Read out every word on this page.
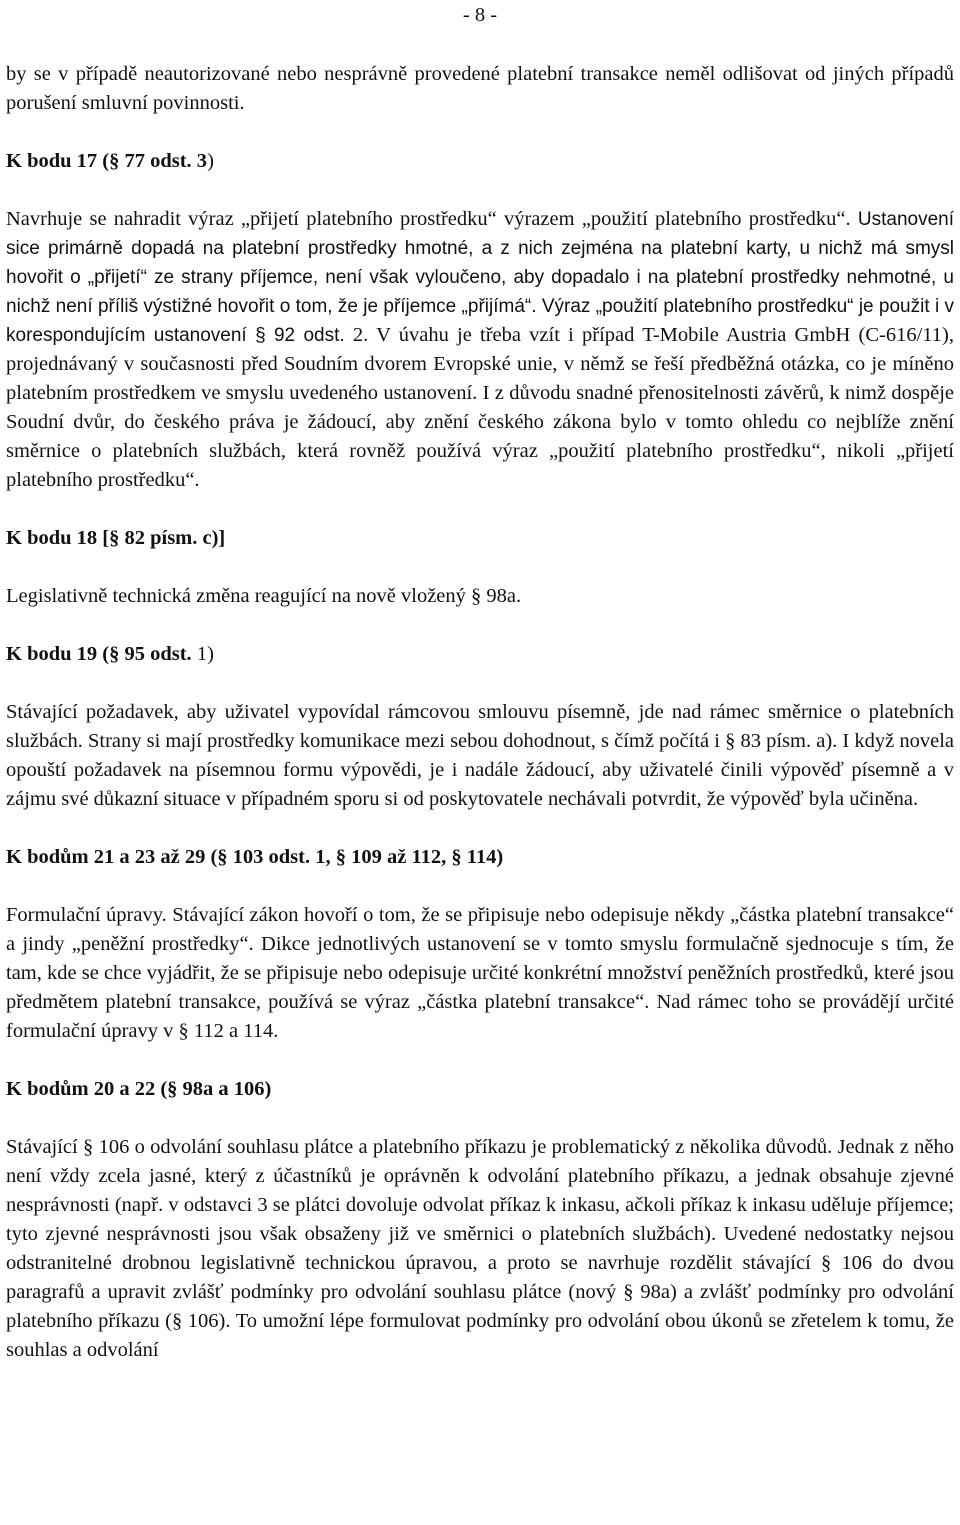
- 8 -

by se v případě neautorizované nebo nesprávně provedené platební transakce neměl odlišovat od jiných případů porušení smluvní povinnosti.

K bodu 17 (§ 77 odst. 3)

Navrhuje se nahradit výraz „přijetí platebního prostředku“ výrazem „použití platebního prostředku“. Ustanovení sice primárně dopadá na platební prostředky hmotné, a z nich zejména na platební karty, u nichž má smysl hovořit o „přijetí“ ze strany příjemce, není však vyloučeno, aby dopadalo i na platební prostředky nehmotné, u nichž není příliš výstižné hovořit o tom, že je příjemce „přijímá“. Výraz „použití platebního prostředku“ je použit i v korespondujícím ustanovení § 92 odst. 2. V úvahu je třeba vzít i případ T-Mobile Austria GmbH (C-616/11), projednávaný v současnosti před Soudním dvorem Evropské unie, v němž se řeší předběžná otázka, co je míněno platebním prostředkem ve smyslu uvedeného ustanovení. I z důvodu snadné přenositelnosti závěrů, k nimž dospěje Soudní dvůr, do českého práva je žádoucí, aby znění českého zákona bylo v tomto ohledu co nejblíže znění směrnice o platebních službách, která rovněž používá výraz „použití platebního prostředku“, nikoli „přijetí platebního prostředku“.

K bodu 18 [§ 82 písm. c)]

Legislativně technická změna reagující na nově vložený § 98a.

K bodu 19 (§ 95 odst. 1)

Stávající požadavek, aby uživatel vypovídal rámcovou smlouvu písemně, jde nad rámec směrnice o platebních službách. Strany si mají prostředky komunikace mezi sebou dohodnout, s čímž počítá i § 83 písm. a). I když novela opouští požadavek na písemnou formu výpovědi, je i nadále žádoucí, aby uživatelé činili výpověď písemně a v zájmu své důkazní situace v případném sporu si od poskytovatele nechávali potvrdit, že výpověď byla učiněna.

K bodům 21 a 23 až 29 (§ 103 odst. 1, § 109 až 112, § 114)

Formulační úpravy. Stávající zákon hovoří o tom, že se připisuje nebo odepisuje někdy „částka platební transakce“ a jindy „peněžní prostředky“. Dikce jednotlivých ustanovení se v tomto smyslu formulačně sjednocuje s tím, že tam, kde se chce vyjádřit, že se připisuje nebo odepisuje určité konkrétní množství peněžních prostředků, které jsou předmětem platební transakce, používá se výraz „částka platební transakce“. Nad rámec toho se provádějí určité formulační úpravy v § 112 a 114.

K bodům 20 a 22 (§ 98a a 106)

Stávající § 106 o odvolání souhlasu plátce a platebního příkazu je problematický z několika důvodů. Jednak z něho není vždy zcela jasné, který z účastníků je oprávněn k odvolání platebního příkazu, a jednak obsahuje zjevné nesprávnosti (např. v odstavci 3 se plátci dovoluje odvolat příkaz k inkasu, ačkoli příkaz k inkasu uděluje příjemce; tyto zjevné nesprávnosti jsou však obsaženy již ve směrnici o platebních službách). Uvedené nedostatky nejsou odstranitelné drobnou legislativně technickou úpravou, a proto se navrhuje rozdělit stávající § 106 do dvou paragrafů a upravit zvlášť podmínky pro odvolání souhlasu plátce (nový § 98a) a zvlášť podmínky pro odvolání platebního příkazu (§ 106). To umožní lépe formulovat podmínky pro odvolání obou úkonů se zřetelem k tomu, že souhlas a odvolání
